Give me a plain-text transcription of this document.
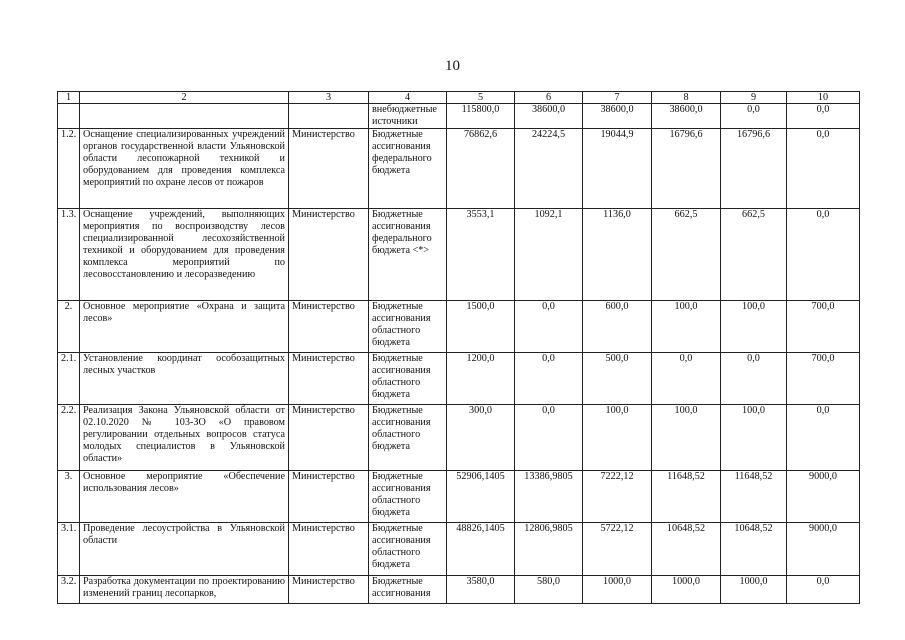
10
1	2	3	4	5	6	7	8	9	10
			внебюджетные источники	115800,0	38600,0	38600,0	38600,0	0,0	0,0
1.2.	Оснащение специализированных учреждений органов государственной власти Ульяновской области лесопожарной техникой и оборудованием для проведения комплекса мероприятий по охране лесов от пожаров	Министерство	Бюджетные ассигнования федерального бюджета	76862,6	24224,5	19044,9	16796,6	16796,6	0,0
1.3.	Оснащение учреждений, выполняющих мероприятия по воспроизводству лесов специализированной лесохозяйственной техникой и оборудованием для проведения комплекса мероприятий по лесовосстановлению и лесоразведению	Министерство	Бюджетные ассигнования федерального бюджета <*>	3553,1	1092,1	1136,0	662,5	662,5	0,0
2.	Основное мероприятие «Охрана и защита лесов»	Министерство	Бюджетные ассигнования областного бюджета	1500,0	0,0	600,0	100,0	100,0	700,0
2.1.	Установление координат особозащитных лесных участков	Министерство	Бюджетные ассигнования областного бюджета	1200,0	0,0	500,0	0,0	0,0	700,0
2.2.	Реализация Закона Ульяновской области от 02.10.2020 № 103-ЗО «О правовом регулировании отдельных вопросов статуса молодых специалистов в Ульяновской области»	Министерство	Бюджетные ассигнования областного бюджета	300,0	0,0	100,0	100,0	100,0	0,0
3.	Основное мероприятие «Обеспечение использования лесов»	Министерство	Бюджетные ассигнования областного бюджета	52906,1405	13386,9805	7222,12	11648,52	11648,52	9000,0
3.1.	Проведение лесоустройства в Ульяновской области	Министерство	Бюджетные ассигнования областного бюджета	48826,1405	12806,9805	5722,12	10648,52	10648,52	9000,0
3.2.	Разработка документации по проектированию изменений границ лесопарков,	Министерство	Бюджетные ассигнования	3580,0	580,0	1000,0	1000,0	1000,0	0,0
